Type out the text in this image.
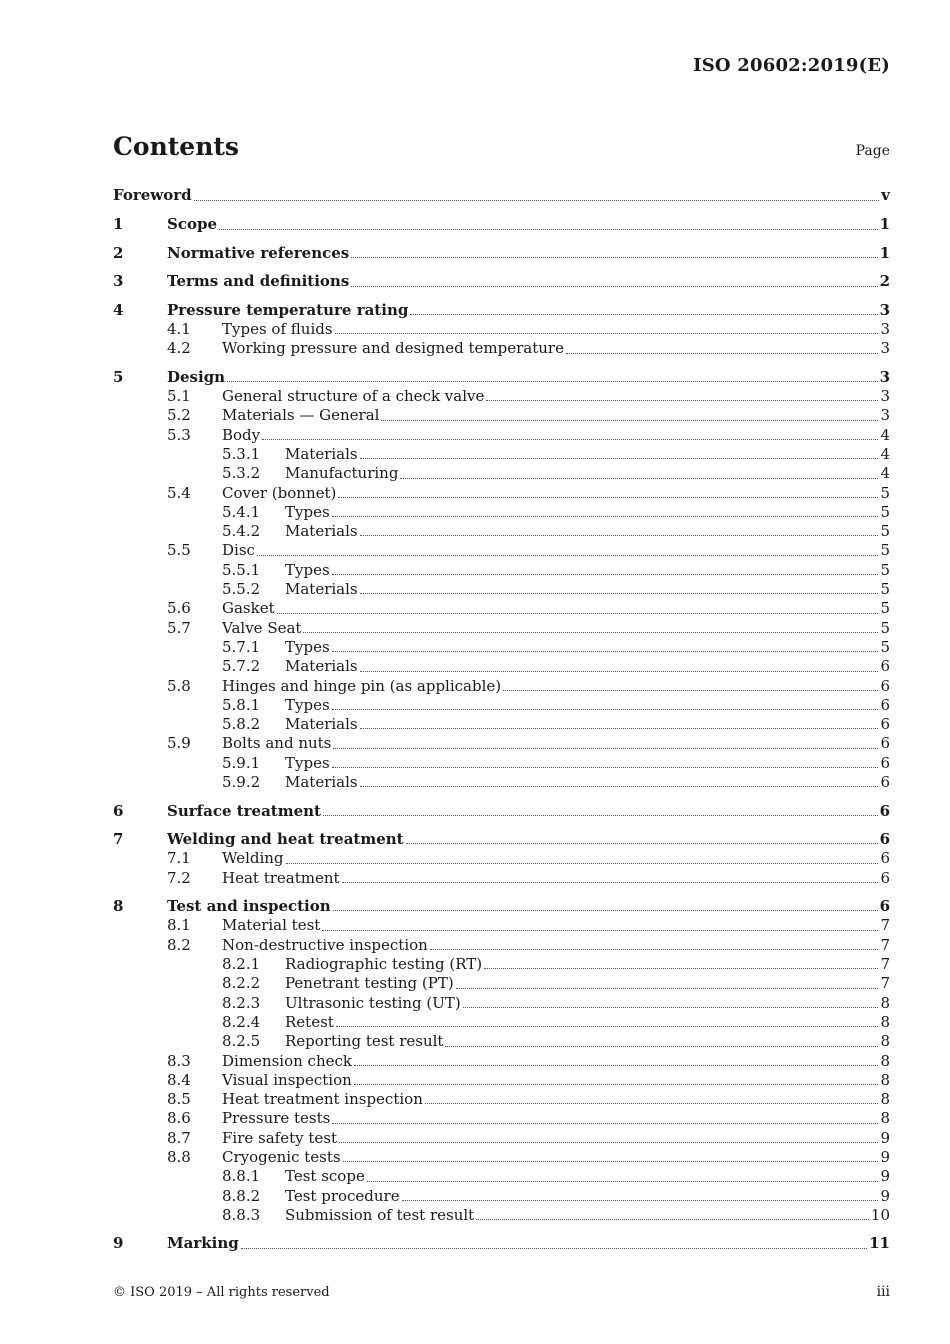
ISO 20602:2019(E)
Contents	Page
Foreword	v
1	Scope	1
2	Normative references	1
3	Terms and definitions	2
4	Pressure temperature rating	3
4.1	Types of fluids	3
4.2	Working pressure and designed temperature	3
5	Design	3
5.1	General structure of a check valve	3
5.2	Materials — General	3
5.3	Body	4
5.3.1	Materials	4
5.3.2	Manufacturing	4
5.4	Cover (bonnet)	5
5.4.1	Types	5
5.4.2	Materials	5
5.5	Disc	5
5.5.1	Types	5
5.5.2	Materials	5
5.6	Gasket	5
5.7	Valve Seat	5
5.7.1	Types	5
5.7.2	Materials	6
5.8	Hinges and hinge pin (as applicable)	6
5.8.1	Types	6
5.8.2	Materials	6
5.9	Bolts and nuts	6
5.9.1	Types	6
5.9.2	Materials	6
6	Surface treatment	6
7	Welding and heat treatment	6
7.1	Welding	6
7.2	Heat treatment	6
8	Test and inspection	6
8.1	Material test	7
8.2	Non-destructive inspection	7
8.2.1	Radiographic testing (RT)	7
8.2.2	Penetrant testing (PT)	7
8.2.3	Ultrasonic testing (UT)	8
8.2.4	Retest	8
8.2.5	Reporting test result	8
8.3	Dimension check	8
8.4	Visual inspection	8
8.5	Heat treatment inspection	8
8.6	Pressure tests	8
8.7	Fire safety test	9
8.8	Cryogenic tests	9
8.8.1	Test scope	9
8.8.2	Test procedure	9
8.8.3	Submission of test result	10
9	Marking	11
© ISO 2019 – All rights reserved	iii
